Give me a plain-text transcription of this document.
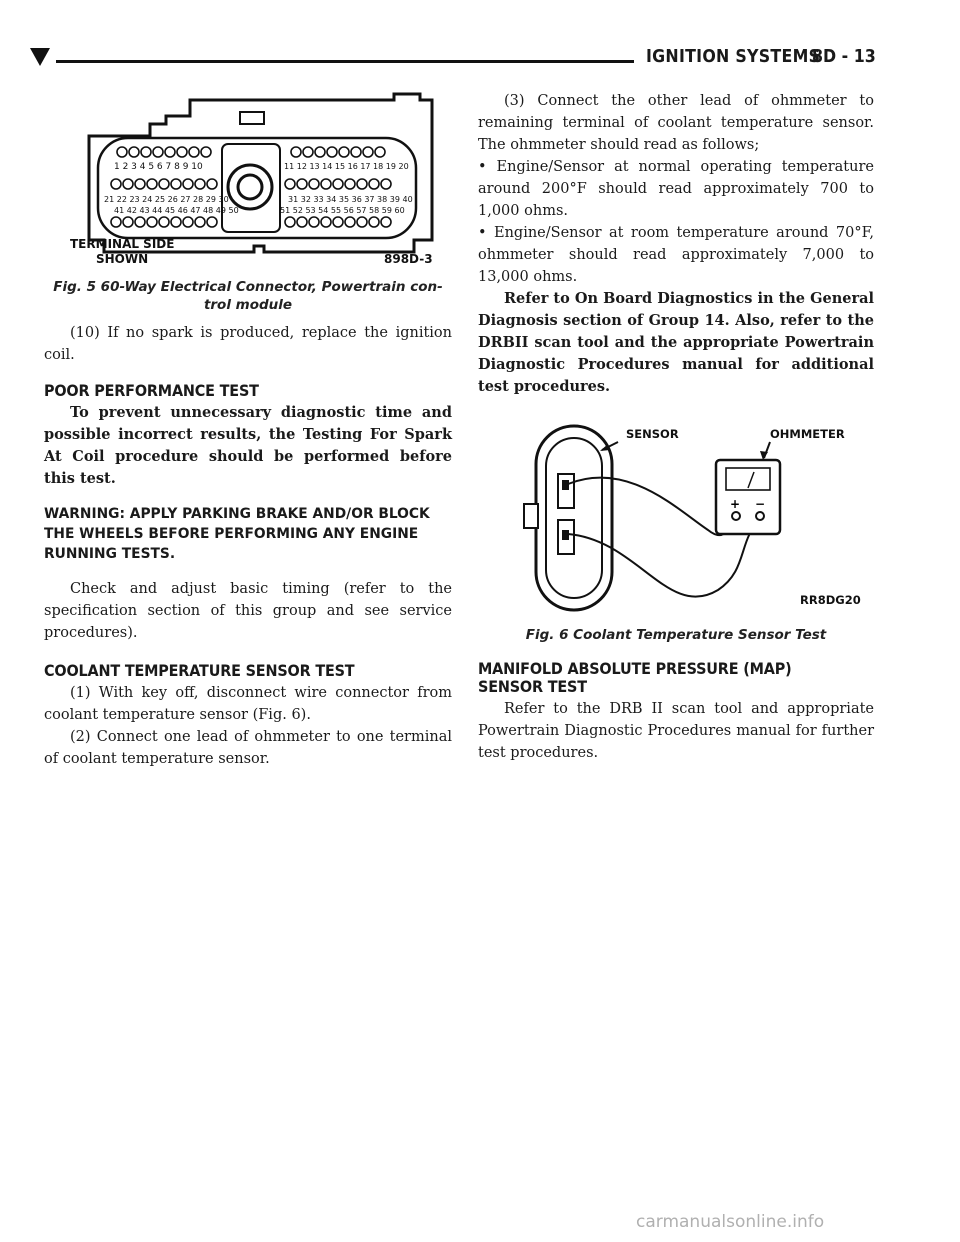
IGNITION SYSTEMS
8D - 13
1 2 3 4 5 6 7 8 9 10
21 22 23 24 25 26 27 28 29 30
41 42 43 44 45 46 47 48 49 50
11 12 13 14 15 16 17 18 19 20
31 32 33 34 35 36 37 38 39 40
51 52 53 54 55 56 57 58 59 60
TERMINAL SIDE
SHOWN	898D-3
Fig. 5 60-Way Electrical Connector, Powertrain con-
trol module

(10) If no spark is produced, replace the ignition coil.

POOR PERFORMANCE TEST

To prevent unnecessary diagnostic time and possible incorrect results, the Testing For Spark At Coil procedure should be performed before this test.

WARNING: APPLY PARKING BRAKE AND/OR BLOCK THE WHEELS BEFORE PERFORMING ANY ENGINE RUNNING TESTS.

Check and adjust basic timing (refer to the specification section of this group and see service procedures).

COOLANT TEMPERATURE SENSOR TEST

(1) With key off, disconnect wire connector from coolant temperature sensor (Fig. 6).

(2) Connect one lead of ohmmeter to one terminal of coolant temperature sensor.

(3) Connect the other lead of ohmmeter to remaining terminal of coolant temperature sensor. The ohmmeter should read as follows;

• Engine/Sensor at normal operating temperature around 200°F should read approximately 700 to 1,000 ohms.

• Engine/Sensor at room temperature around 70°F, ohmmeter should read approximately 7,000 to 13,000 ohms.

Refer to On Board Diagnostics in the General Diagnosis section of Group 14. Also, refer to the DRBII scan tool and the appropriate Powertrain Diagnostic Procedures manual for additional test procedures.

+ −
SENSOR	OHMMETER
RR8DG20
Fig. 6 Coolant Temperature Sensor Test
MANIFOLD ABSOLUTE PRESSURE (MAP) SENSOR TEST

Refer to the DRB II scan tool and appropriate Powertrain Diagnostic Procedures manual for further test procedures.

carmanualsonline.info
